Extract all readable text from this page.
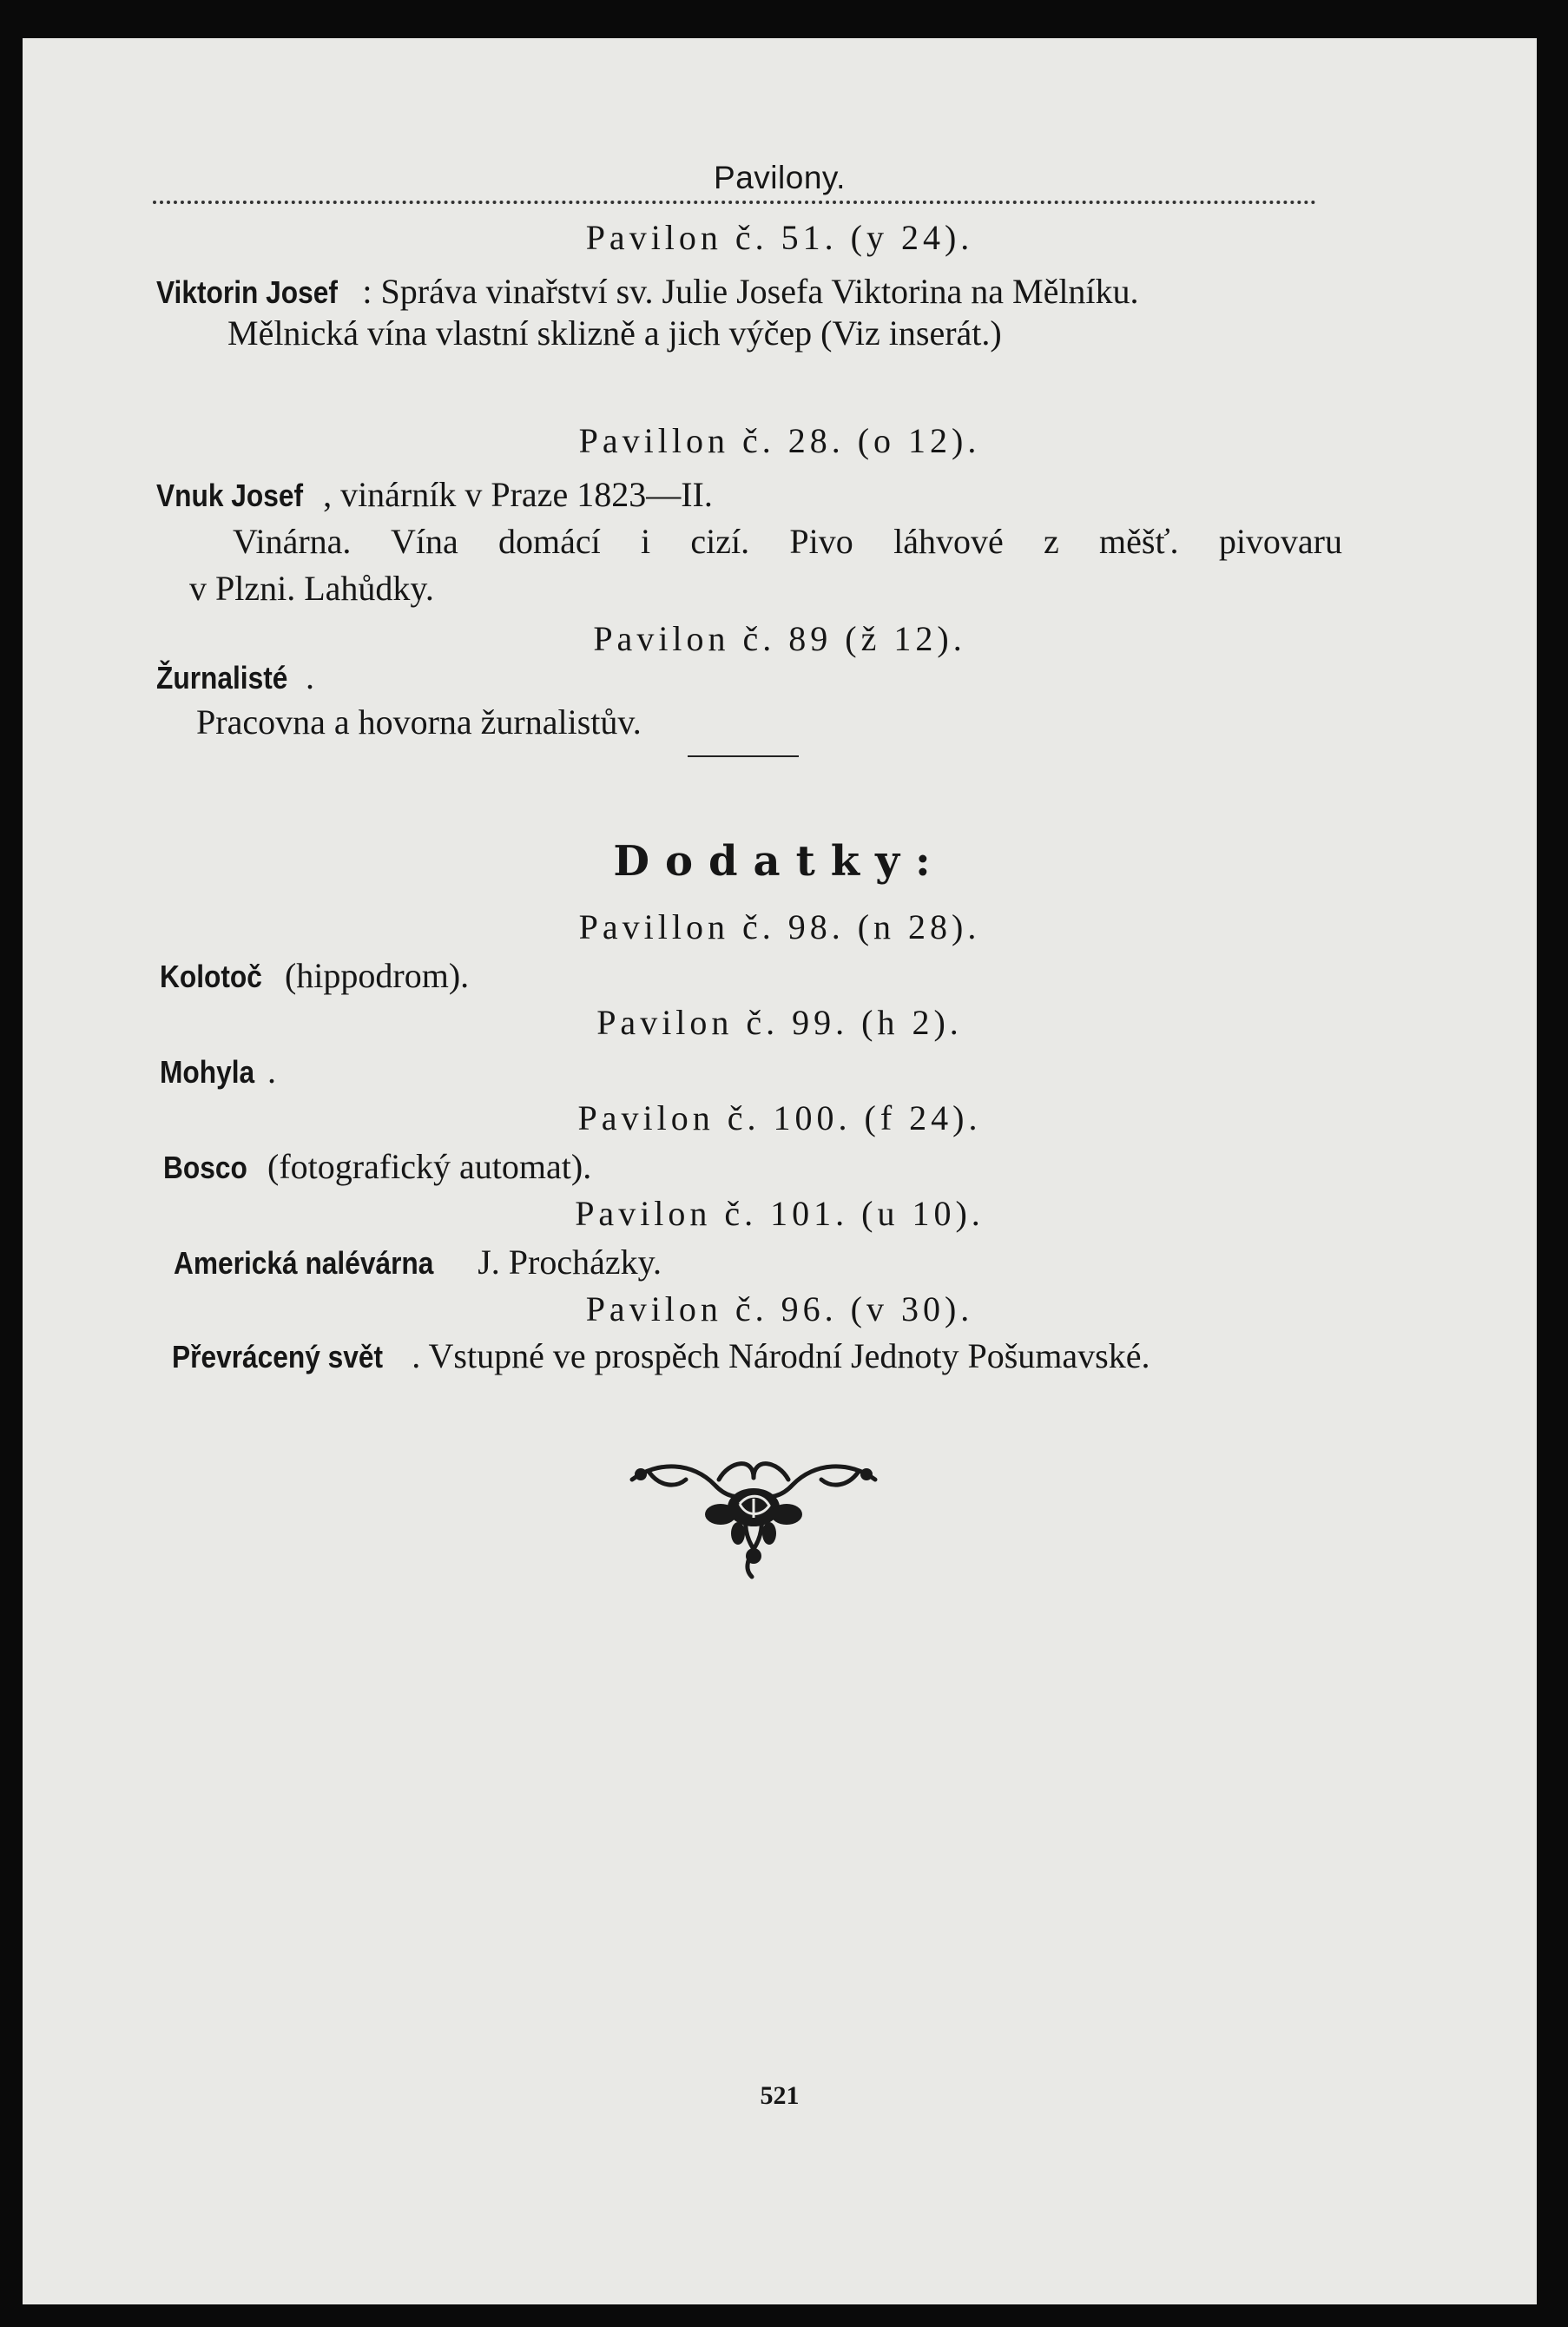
Pavilony.
Pavilon č. 51. (y 24).
Viktorin Josef : Správa vinařství sv. Julie Josefa Viktorina na Mělníku.
Mělnická vína vlastní sklizně a jich výčep (Viz inserát.)
Pavillon č. 28. (o 12).
Vnuk Josef , vinárník v Praze 1823—II.
Vinárna. Vína domácí i cizí. Pivo láhvové z měšť. pivovaru
v Plzni. Lahůdky.
Pavilon č. 89 (ž 12).
Žurnalisté .
Pracovna a hovorna žurnalistův.
Dodatky:
Pavillon č. 98. (n 28).
Kolotoč (hippodrom).
Pavilon č. 99. (h 2).
Mohyla .
Pavilon č. 100. (f 24).
Bosco (fotografický automat).
Pavilon č. 101. (u 10).
Americká nalévárna J. Procházky.
Pavilon č. 96. (v 30).
Převrácený svět . Vstupné ve prospěch Národní Jednoty Pošumavské.
521
